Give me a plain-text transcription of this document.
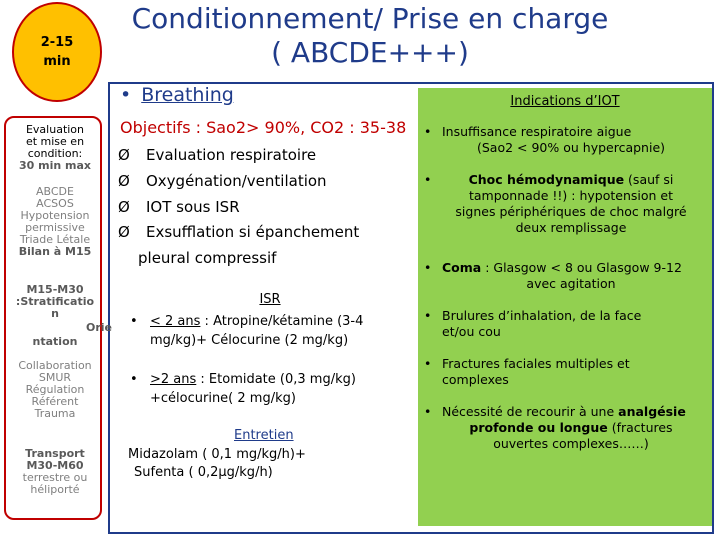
2-15
min
Conditionnement/ Prise en charge
( ABCDE+++)
Evaluation
et mise en
condition:
30 min max
ABCDE
ACSOS
Hypotension
permissive
Triade Létale
Bilan à M15
M15-M30
:Stratificatio
n
Orie
ntation
Collaboration
SMUR
Régulation
Référent
Trauma
Transport
M30-M60
terrestre ou
héliporté
• Breathing
Objectifs : Sao2> 90%, CO2 : 35-38
Ø Evaluation respiratoire
Ø Oxygénation/ventilation
Ø IOT sous ISR
Ø Exsufflation si épanchement
pleural compressif
ISR
• < 2 ans : Atropine/kétamine (3-4
mg/kg)+ Célocurine (2 mg/kg)
• >2 ans : Etomidate (0,3 mg/kg)
+célocurine( 2 mg/kg)
Entretien
Midazolam ( 0,1 mg/kg/h)+
Sufenta ( 0,2µg/kg/h)
Indications d’IOT
• Insuffisance respiratoire aigue
(Sao2 < 90% ou hypercapnie)
•	Choc hémodynamique (sauf si
tamponnade !!) : hypotension et
signes périphériques de choc malgré
deux remplissage
• Coma : Glasgow < 8 ou Glasgow 9-12
avec agitation
• Brulures d’inhalation, de la face
et/ou cou
• Fractures faciales multiples et
complexes
• Nécessité de recourir à une analgésie
profonde ou longue (fractures
ouvertes complexes……)
